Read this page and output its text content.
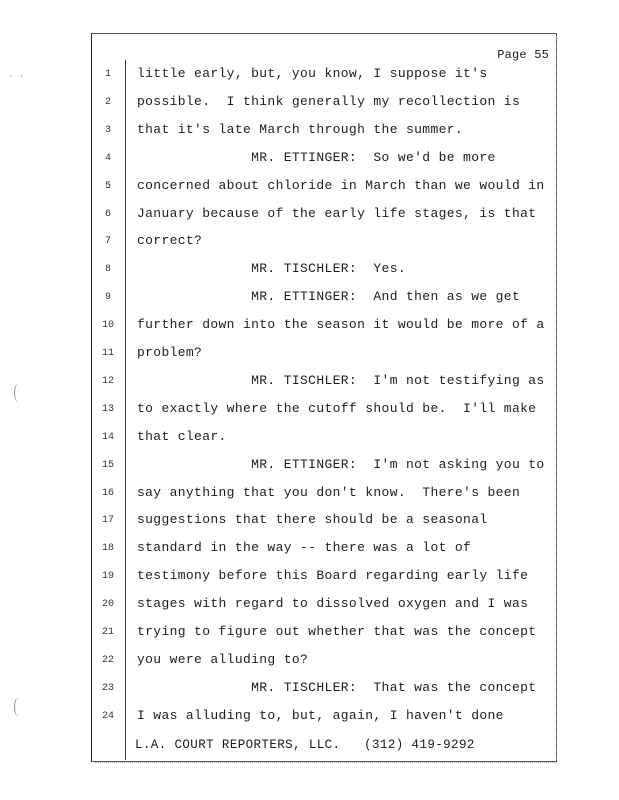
· ·
Page 55
1	little early, but, you know, I suppose it's
2	possible.  I think generally my recollection is
3	that it's late March through the summer.
4	MR. ETTINGER:  So we'd be more
5	concerned about chloride in March than we would in
6	January because of the early life stages, is that
7	correct?
8	MR. TISCHLER:  Yes.
9	MR. ETTINGER:  And then as we get
10	further down into the season it would be more of a
11	problem?
12	MR. TISCHLER:  I'm not testifying as
13	to exactly where the cutoff should be.  I'll make
14	that clear.
15	MR. ETTINGER:  I'm not asking you to
16	say anything that you don't know.  There's been
17	suggestions that there should be a seasonal
18	standard in the way -- there was a lot of
19	testimony before this Board regarding early life
20	stages with regard to dissolved oxygen and I was
21	trying to figure out whether that was the concept
22	you were alluding to?
23	MR. TISCHLER:  That was the concept
24	I was alluding to, but, again, I haven't done
L.A. COURT REPORTERS, LLC.   (312) 419-9292
